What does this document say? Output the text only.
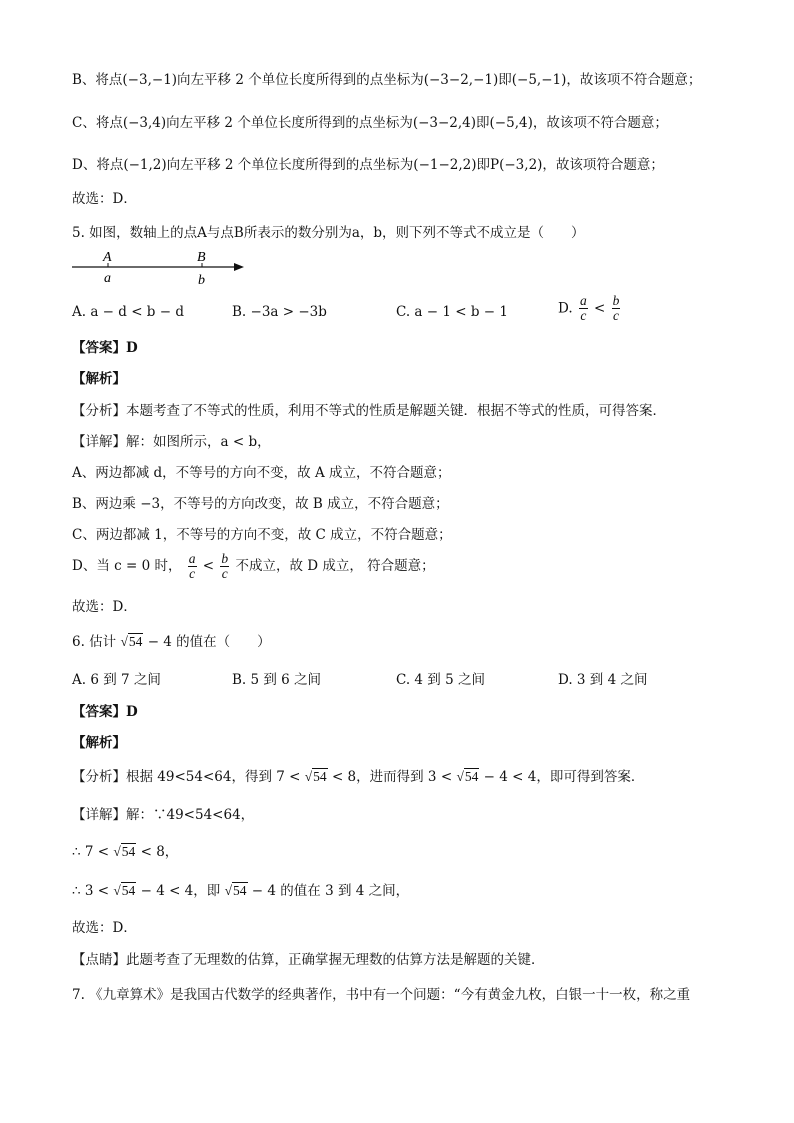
B、将点(−3,−1)向左平移 2 个单位长度所得到的点坐标为(−3−2,−1)即(−5,−1)，故该项不符合题意；
C、将点(−3,4)向左平移 2 个单位长度所得到的点坐标为(−3−2,4)即(−5,4)，故该项不符合题意；
D、将点(−1,2)向左平移 2 个单位长度所得到的点坐标为(−1−2,2)即P(−3,2)，故该项符合题意；
故选：D．
5. 如图，数轴上的点A与点B所表示的数分别为a，b，则下列不等式不成立是（　　）
A
a
B
b
A. a − d < b − d	B. −3a > −3b	C. a − 1 < b − 1	D. $\frac{a}{c} < \frac{b}{c}$
【答案】D
【解析】
【分析】本题考查了不等式的性质，利用不等式的性质是解题关键．根据不等式的性质，可得答案．
【详解】解：如图所示，a < b，
A、两边都减 d，不等号的方向不变，故 A 成立，不符合题意；
B、两边乘 −3，不等号的方向改变，故 B 成立，不符合题意；
C、两边都减 1，不等号的方向不变，故 C 成立，不符合题意；
D、当 c = 0 时， $\frac{a}{c} < \frac{b}{c}$ 不成立，故 D 成立， 符合题意；
故选：D．
6. 估计 √54 − 4 的值在（　　）
A. 6 到 7 之间	B. 5 到 6 之间	C. 4 到 5 之间	D. 3 到 4 之间
【答案】D
【解析】
【分析】根据 49<54<64，得到 7 < √54 < 8，进而得到 3 < √54 − 4 < 4，即可得到答案．
【详解】解：∵49<54<64，
∴ 7 < √54 < 8，
∴ 3 < √54 − 4 < 4，即 √54 − 4 的值在 3 到 4 之间，
故选：D．
【点睛】此题考查了无理数的估算，正确掌握无理数的估算方法是解题的关键．
7. 《九章算术》是我国古代数学的经典著作，书中有一个问题：“今有黄金九枚，白银一十一枚，称之重
